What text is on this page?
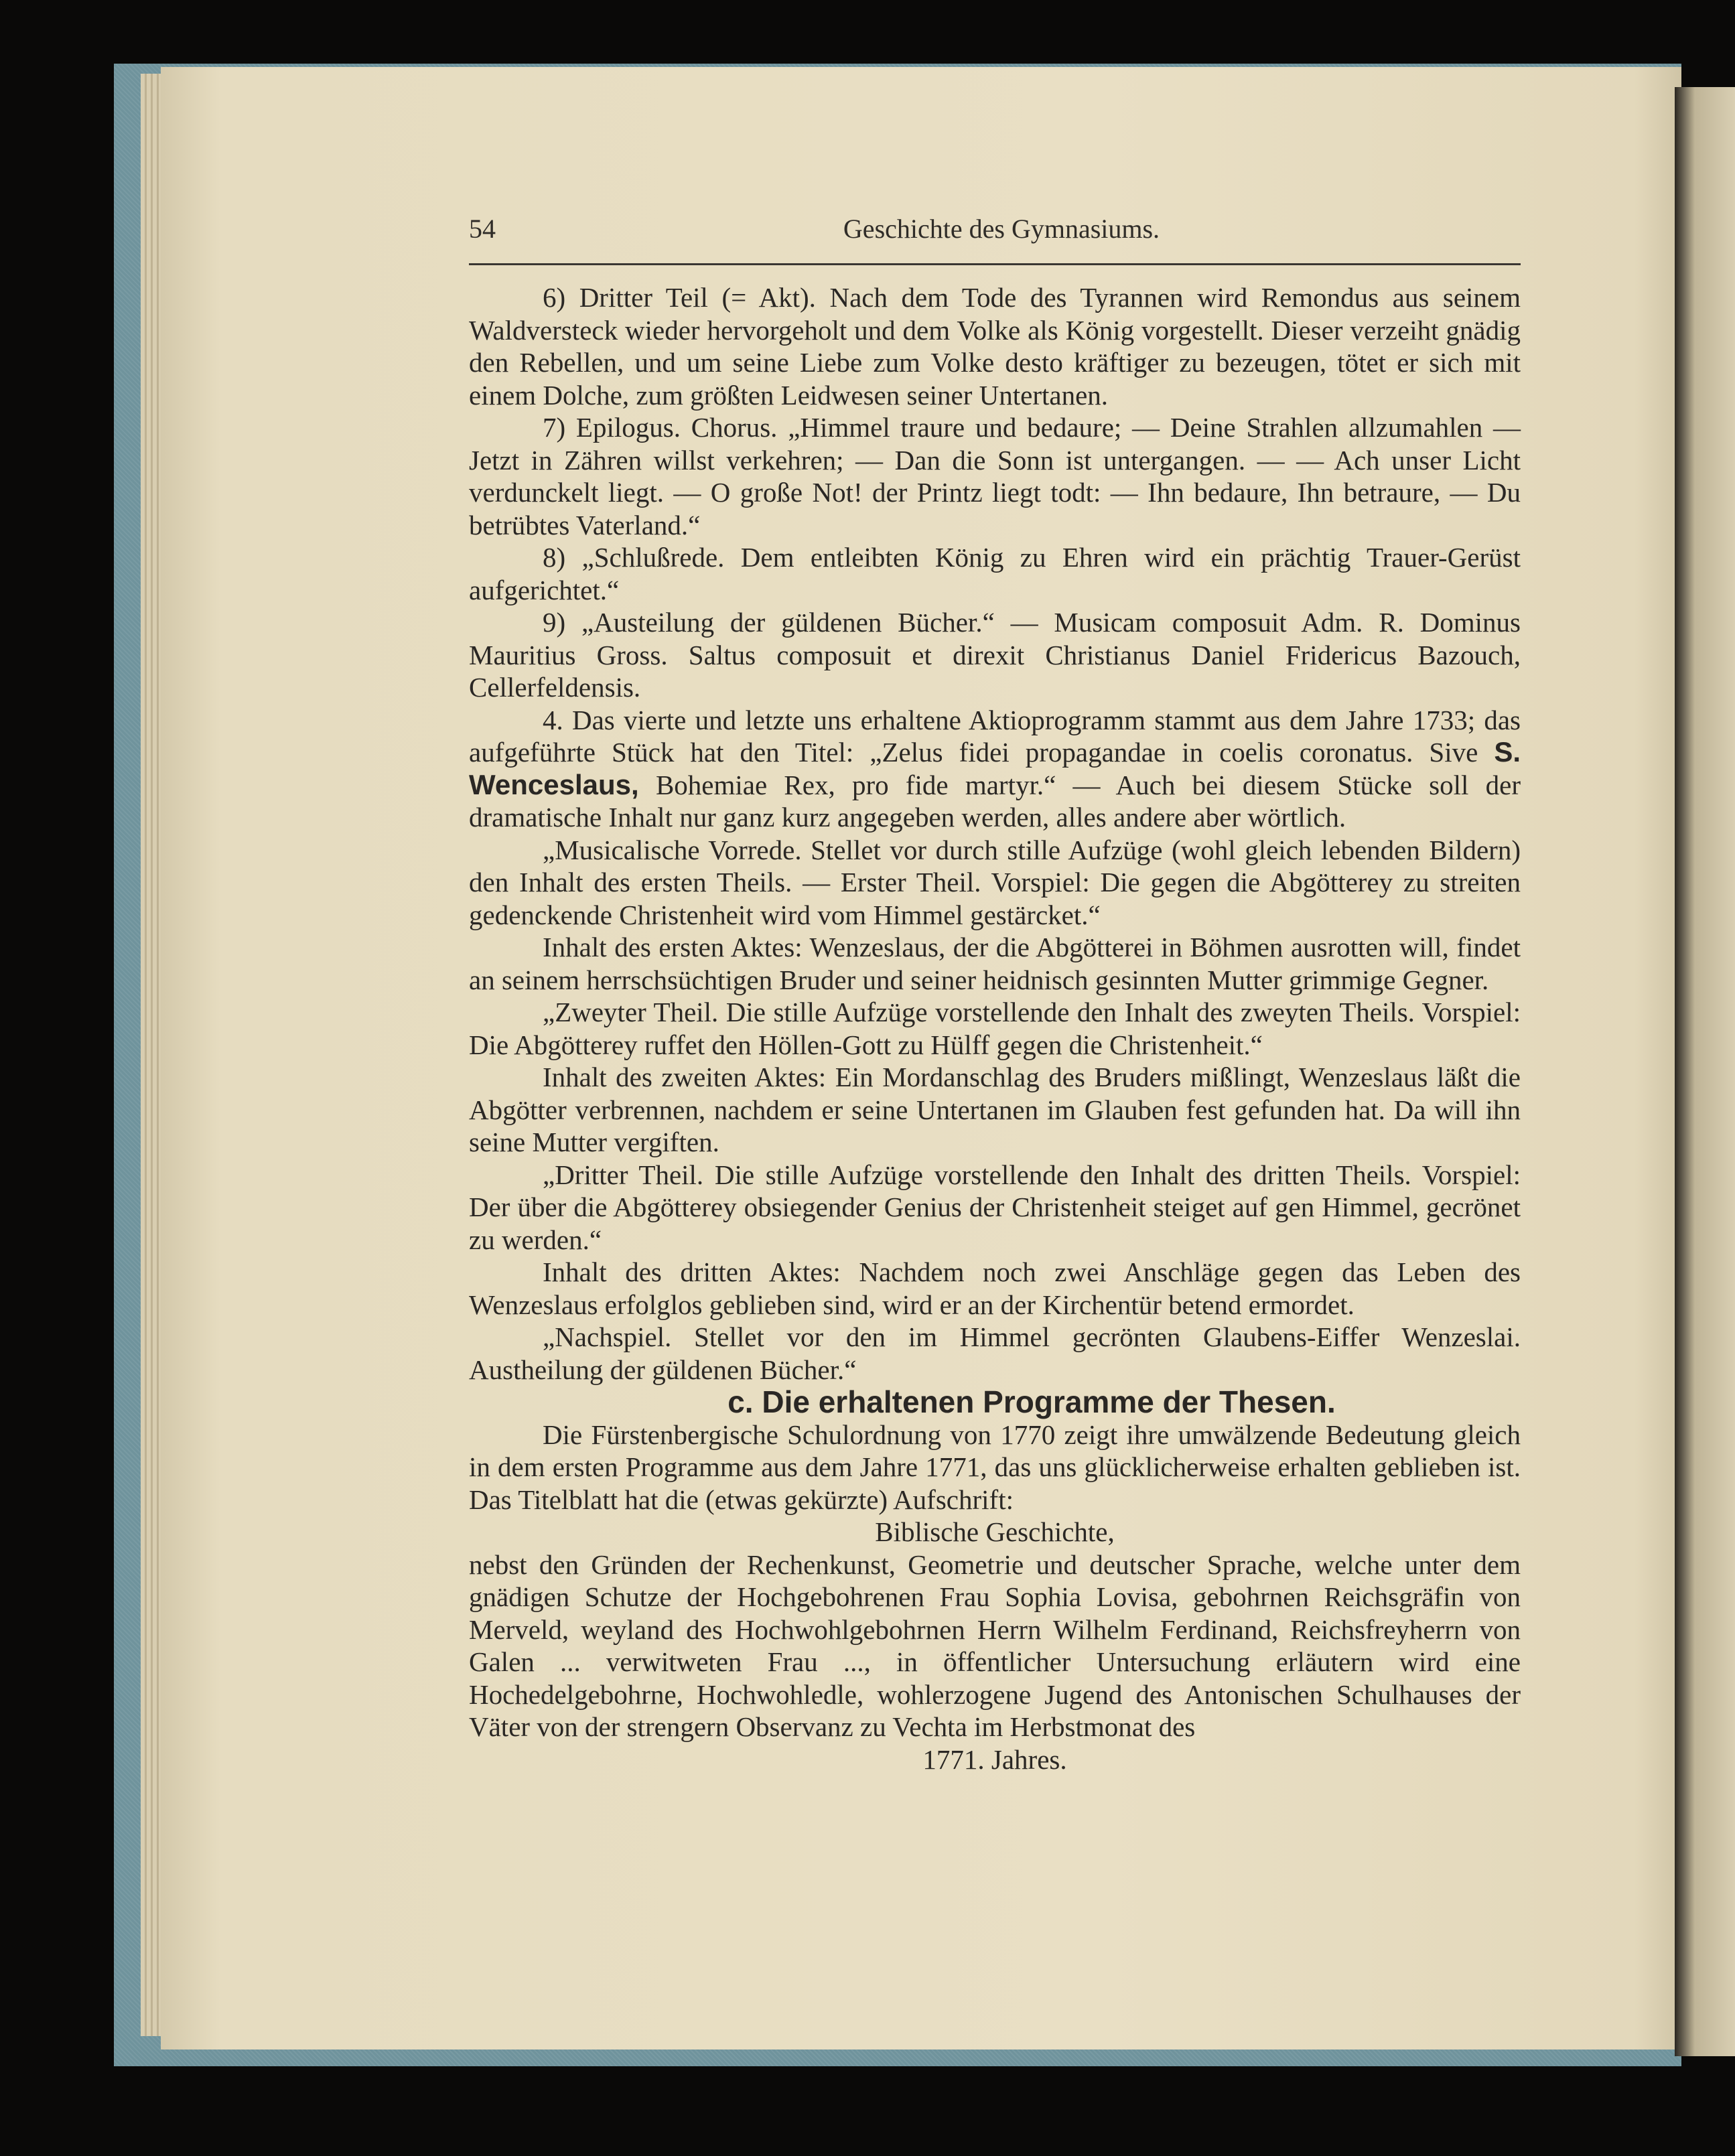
54	Geschichte des Gymnasiums.

6) Dritter Teil (= Akt). Nach dem Tode des Tyrannen wird Remondus aus seinem Waldversteck wieder hervorgeholt und dem Volke als König vorgestellt. Dieser verzeiht gnädig den Rebellen, und um seine Liebe zum Volke desto kräftiger zu bezeugen, tötet er sich mit einem Dolche, zum größten Leidwesen seiner Untertanen.

7) Epilogus. Chorus. „Himmel traure und bedaure; — Deine Strahlen allzumahlen — Jetzt in Zähren willst verkehren; — Dan die Sonn ist untergangen. — — Ach unser Licht verdunckelt liegt. — O große Not! der Printz liegt todt: — Ihn bedaure, Ihn betraure, — Du betrübtes Vaterland.“

8) „Schlußrede. Dem entleibten König zu Ehren wird ein prächtig Trauer-Gerüst aufgerichtet.“

9) „Austeilung der güldenen Bücher.“ — Musicam composuit Adm. R. Dominus Mauritius Gross. Saltus composuit et direxit Christianus Daniel Fridericus Bazouch, Cellerfeldensis.

4. Das vierte und letzte uns erhaltene Aktioprogramm stammt aus dem Jahre 1733; das aufgeführte Stück hat den Titel: „Zelus fidei propagandae in coelis coronatus. Sive S. Wenceslaus, Bohemiae Rex, pro fide martyr.“ — Auch bei diesem Stücke soll der dramatische Inhalt nur ganz kurz angegeben werden, alles andere aber wörtlich.

„Musicalische Vorrede. Stellet vor durch stille Aufzüge (wohl gleich lebenden Bildern) den Inhalt des ersten Theils. — Erster Theil. Vorspiel: Die gegen die Abgötterey zu streiten gedenckende Christenheit wird vom Himmel gestärcket.“

Inhalt des ersten Aktes: Wenzeslaus, der die Abgötterei in Böhmen ausrotten will, findet an seinem herrschsüchtigen Bruder und seiner heidnisch gesinnten Mutter grimmige Gegner.

„Zweyter Theil. Die stille Aufzüge vorstellende den Inhalt des zweyten Theils. Vorspiel: Die Abgötterey ruffet den Höllen-Gott zu Hülff gegen die Christenheit.“

Inhalt des zweiten Aktes: Ein Mordanschlag des Bruders mißlingt, Wenzeslaus läßt die Abgötter verbrennen, nachdem er seine Untertanen im Glauben fest gefunden hat. Da will ihn seine Mutter vergiften.

„Dritter Theil. Die stille Aufzüge vorstellende den Inhalt des dritten Theils. Vorspiel: Der über die Abgötterey obsiegender Genius der Christenheit steiget auf gen Himmel, gecrönet zu werden.“

Inhalt des dritten Aktes: Nachdem noch zwei Anschläge gegen das Leben des Wenzeslaus erfolglos geblieben sind, wird er an der Kirchentür betend ermordet.

„Nachspiel. Stellet vor den im Himmel gecrönten Glaubens-Eiffer Wenzeslai. Austheilung der güldenen Bücher.“

c. Die erhaltenen Programme der Thesen.

Die Fürstenbergische Schulordnung von 1770 zeigt ihre umwälzende Bedeutung gleich in dem ersten Programme aus dem Jahre 1771, das uns glücklicherweise erhalten geblieben ist. Das Titelblatt hat die (etwas gekürzte) Aufschrift:

Biblische Geschichte,

nebst den Gründen der Rechenkunst, Geometrie und deutscher Sprache, welche unter dem gnädigen Schutze der Hochgebohrenen Frau Sophia Lovisa, gebohrnen Reichsgräfin von Merveld, weyland des Hochwohlgebohrnen Herrn Wilhelm Ferdinand, Reichsfreyherrn von Galen ... verwitweten Frau ..., in öffentlicher Untersuchung erläutern wird eine Hochedelgebohrne, Hochwohledle, wohlerzogene Jugend des Antonischen Schulhauses der Väter von der strengern Observanz zu Vechta im Herbstmonat des

1771. Jahres.
